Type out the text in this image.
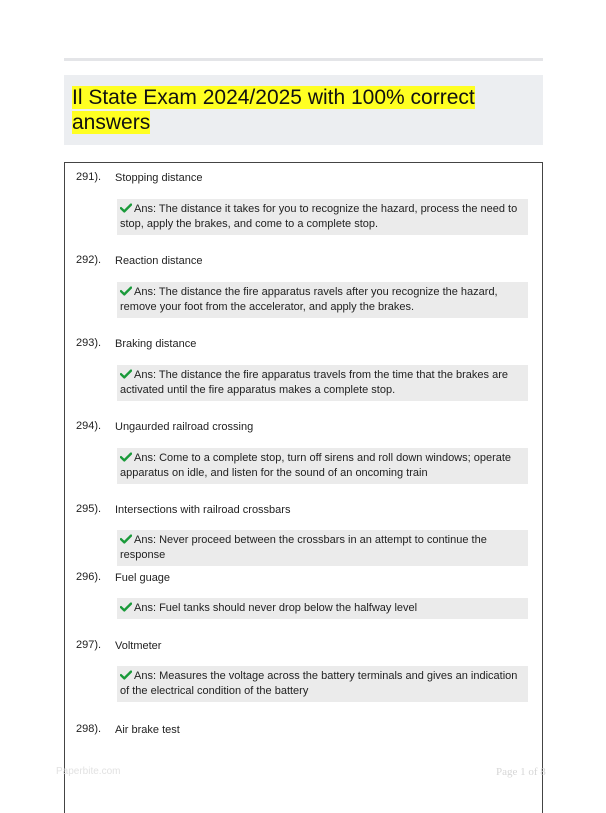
Il State Exam 2024/2025 with 100% correct answers
291). Stopping distance
Ans: The distance it takes for you to recognize the hazard, process the need to stop, apply the brakes, and come to a complete stop.
292). Reaction distance
Ans: The distance the fire apparatus ravels after you recognize the hazard, remove your foot from the accelerator, and apply the brakes.
293). Braking distance
Ans: The distance the fire apparatus travels from the time that the brakes are activated until the fire apparatus makes a complete stop.
294). Ungaurded railroad crossing
Ans: Come to a complete stop, turn off sirens and roll down windows; operate apparatus on idle, and listen for the sound of an oncoming train
295). Intersections with railroad crossbars
Ans: Never proceed between the crossbars in an attempt to continue the response
296). Fuel guage
Ans: Fuel tanks should never drop below the halfway level
297). Voltmeter
Ans: Measures the voltage across the battery terminals and gives an indication of the electrical condition of the battery
298). Air brake test
Paperbite.com	Page 1 of 8
